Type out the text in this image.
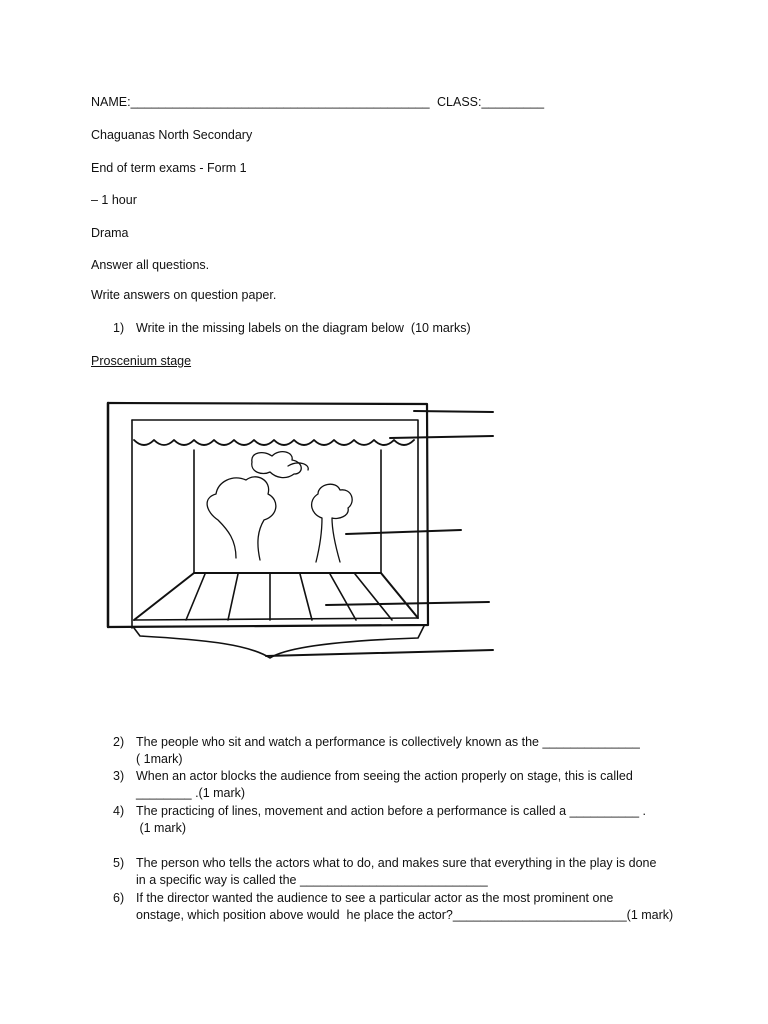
NAME:___________________________________________ CLASS:_________
Chaguanas North Secondary
End of term exams - Form 1
– 1 hour
Drama
Answer all questions.
Write answers on question paper.
1) Write in the missing labels on the diagram below  (10 marks)
Proscenium stage
2) The people who sit and watch a performance is collectively known as the ______________
( 1mark)
3) When an actor blocks the audience from seeing the action properly on stage, this is called
________ .(1 mark)
4) The practicing of lines, movement and action before a performance is called a __________ .
(1 mark)
5) The person who tells the actors what to do, and makes sure that everything in the play is done
in a specific way is called the ___________________________
6) If the director wanted the audience to see a particular actor as the most prominent one
onstage, which position above would  he place the actor?_________________________(1 mark)
